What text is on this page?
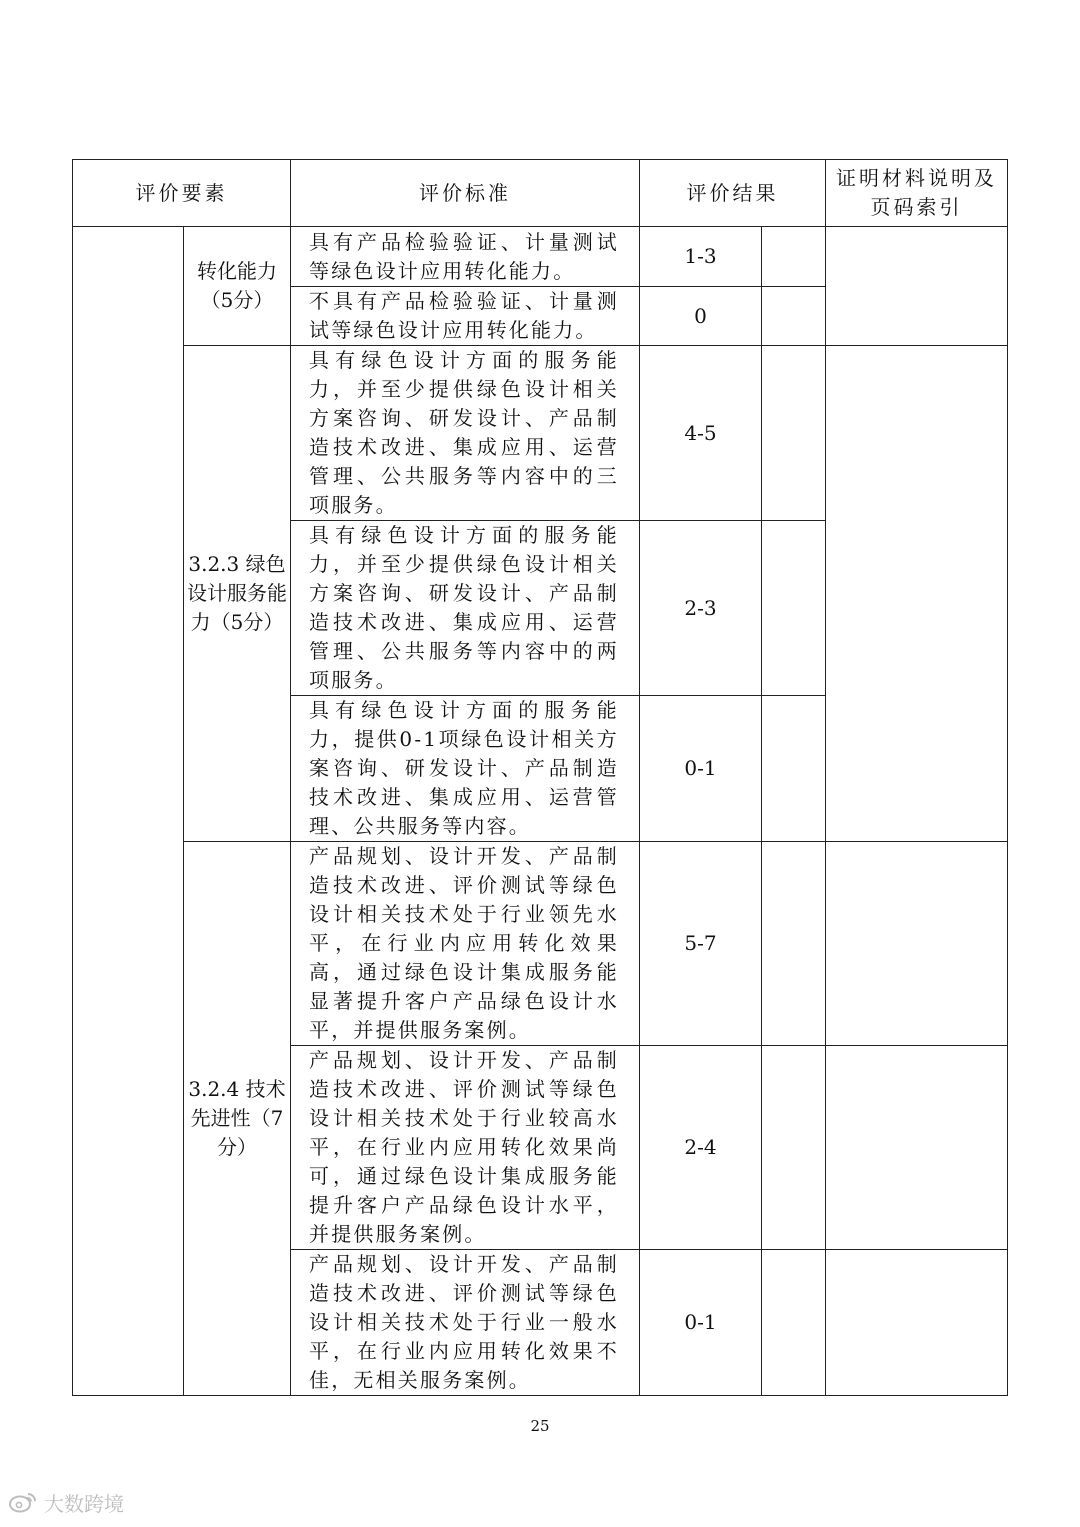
评价要素		评价标准	评价结果		证明材料说明及页码索引
	转化能力（5分）	具有产品检验验证、计量测试等绿色设计应用转化能力。	1-3		
		不具有产品检验验证、计量测试等绿色设计应用转化能力。	0		
	3.2.3 绿色设计服务能力（5分）	具有绿色设计方面的服务能力，并至少提供绿色设计相关方案咨询、研发设计、产品制造技术改进、集成应用、运营管理、公共服务等内容中的三项服务。	4-5		
		具有绿色设计方面的服务能力，并至少提供绿色设计相关方案咨询、研发设计、产品制造技术改进、集成应用、运营管理、公共服务等内容中的两项服务。	2-3		
		具有绿色设计方面的服务能力，提供0-1项绿色设计相关方案咨询、研发设计、产品制造技术改进、集成应用、运营管理、公共服务等内容。	0-1		
	3.2.4 技术先进性（7分）	产品规划、设计开发、产品制造技术改进、评价测试等绿色设计相关技术处于行业领先水平，在行业内应用转化效果高，通过绿色设计集成服务能显著提升客户产品绿色设计水平，并提供服务案例。	5-7		
		产品规划、设计开发、产品制造技术改进、评价测试等绿色设计相关技术处于行业较高水平，在行业内应用转化效果尚可，通过绿色设计集成服务能提升客户产品绿色设计水平，并提供服务案例。	2-4		
		产品规划、设计开发、产品制造技术改进、评价测试等绿色设计相关技术处于行业一般水平，在行业内应用转化效果不佳，无相关服务案例。	0-1		
25
大数跨境
